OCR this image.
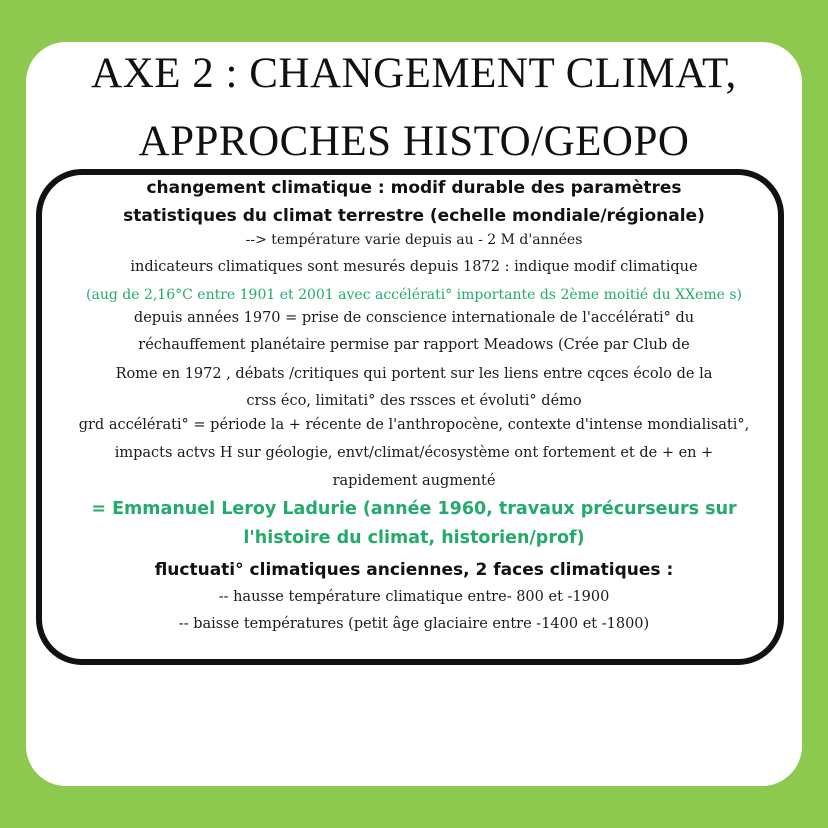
AXE 2 : CHANGEMENT CLIMAT,
APPROCHES HISTO/GEOPO
changement climatique : modif durable des paramètres
statistiques du climat terrestre (echelle mondiale/régionale)
--> température varie depuis au - 2 M d'années
indicateurs climatiques sont mesurés depuis 1872 : indique modif climatique
(aug de 2,16°C entre 1901 et 2001 avec accélérati° importante ds 2ème moitié du XXeme s)
depuis années 1970 = prise de conscience internationale de l'accélérati° du
réchauffement planétaire permise par rapport Meadows (Crée par Club de
Rome en 1972 , débats /critiques qui portent sur les liens entre cqces écolo de la
crss éco, limitati° des rssces et évoluti° démo
grd accélérati° = période la + récente de l'anthropocène, contexte d'intense mondialisati°,
impacts actvs H sur géologie, envt/climat/écosystème ont fortement et de + en +
rapidement augmenté
= Emmanuel Leroy Ladurie (année 1960, travaux précurseurs sur
l'histoire du climat, historien/prof)
fluctuati° climatiques anciennes, 2 faces climatiques :
-- hausse température climatique entre- 800 et -1900
-- baisse températures (petit âge glaciaire entre -1400 et -1800)
